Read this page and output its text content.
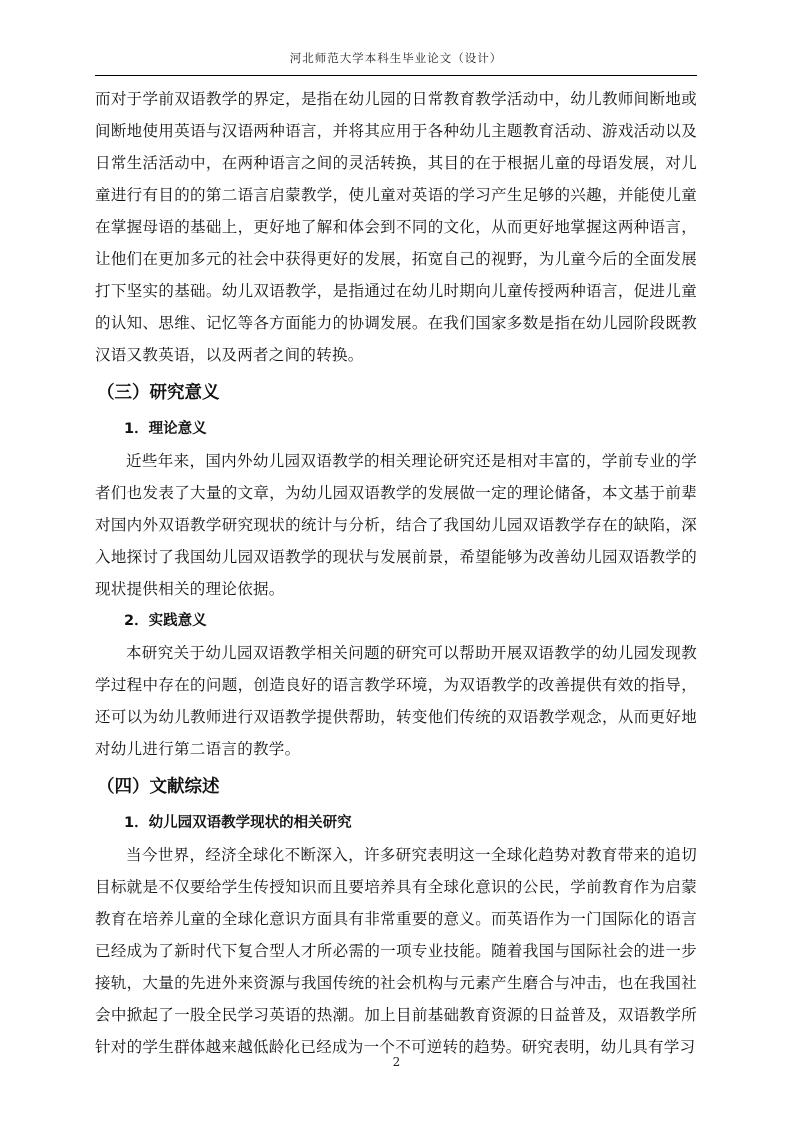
河北师范大学本科生毕业论文（设计）

而对于学前双语教学的界定，是指在幼儿园的日常教育教学活动中，幼儿教师间断地或间断地使用英语与汉语两种语言，并将其应用于各种幼儿主题教育活动、游戏活动以及日常生活活动中，在两种语言之间的灵活转换，其目的在于根据儿童的母语发展，对儿童进行有目的的第二语言启蒙教学，使儿童对英语的学习产生足够的兴趣，并能使儿童在掌握母语的基础上，更好地了解和体会到不同的文化，从而更好地掌握这两种语言，让他们在更加多元的社会中获得更好的发展，拓宽自己的视野，为儿童今后的全面发展打下坚实的基础。幼儿双语教学，是指通过在幼儿时期向儿童传授两种语言，促进儿童的认知、思维、记忆等各方面能力的协调发展。在我们国家多数是指在幼儿园阶段既教汉语又教英语，以及两者之间的转换。

（三）研究意义
1．理论意义

近些年来，国内外幼儿园双语教学的相关理论研究还是相对丰富的，学前专业的学者们也发表了大量的文章，为幼儿园双语教学的发展做一定的理论储备，本文基于前辈对国内外双语教学研究现状的统计与分析，结合了我国幼儿园双语教学存在的缺陷，深入地探讨了我国幼儿园双语教学的现状与发展前景，希望能够为改善幼儿园双语教学的现状提供相关的理论依据。

2．实践意义

本研究关于幼儿园双语教学相关问题的研究可以帮助开展双语教学的幼儿园发现教学过程中存在的问题，创造良好的语言教学环境，为双语教学的改善提供有效的指导，还可以为幼儿教师进行双语教学提供帮助，转变他们传统的双语教学观念，从而更好地对幼儿进行第二语言的教学。

（四）文献综述
1．幼儿园双语教学现状的相关研究

当今世界，经济全球化不断深入，许多研究表明这一全球化趋势对教育带来的追切目标就是不仅要给学生传授知识而且要培养具有全球化意识的公民，学前教育作为启蒙教育在培养儿童的全球化意识方面具有非常重要的意义。而英语作为一门国际化的语言已经成为了新时代下复合型人才所必需的一项专业技能。随着我国与国际社会的进一步接轨，大量的先进外来资源与我国传统的社会机构与元素产生磨合与冲击，也在我国社会中掀起了一股全民学习英语的热潮。加上目前基础教育资源的日益普及，双语教学所针对的学生群体越来越低龄化已经成为一个不可逆转的趋势。研究表明，幼儿具有学习

2
